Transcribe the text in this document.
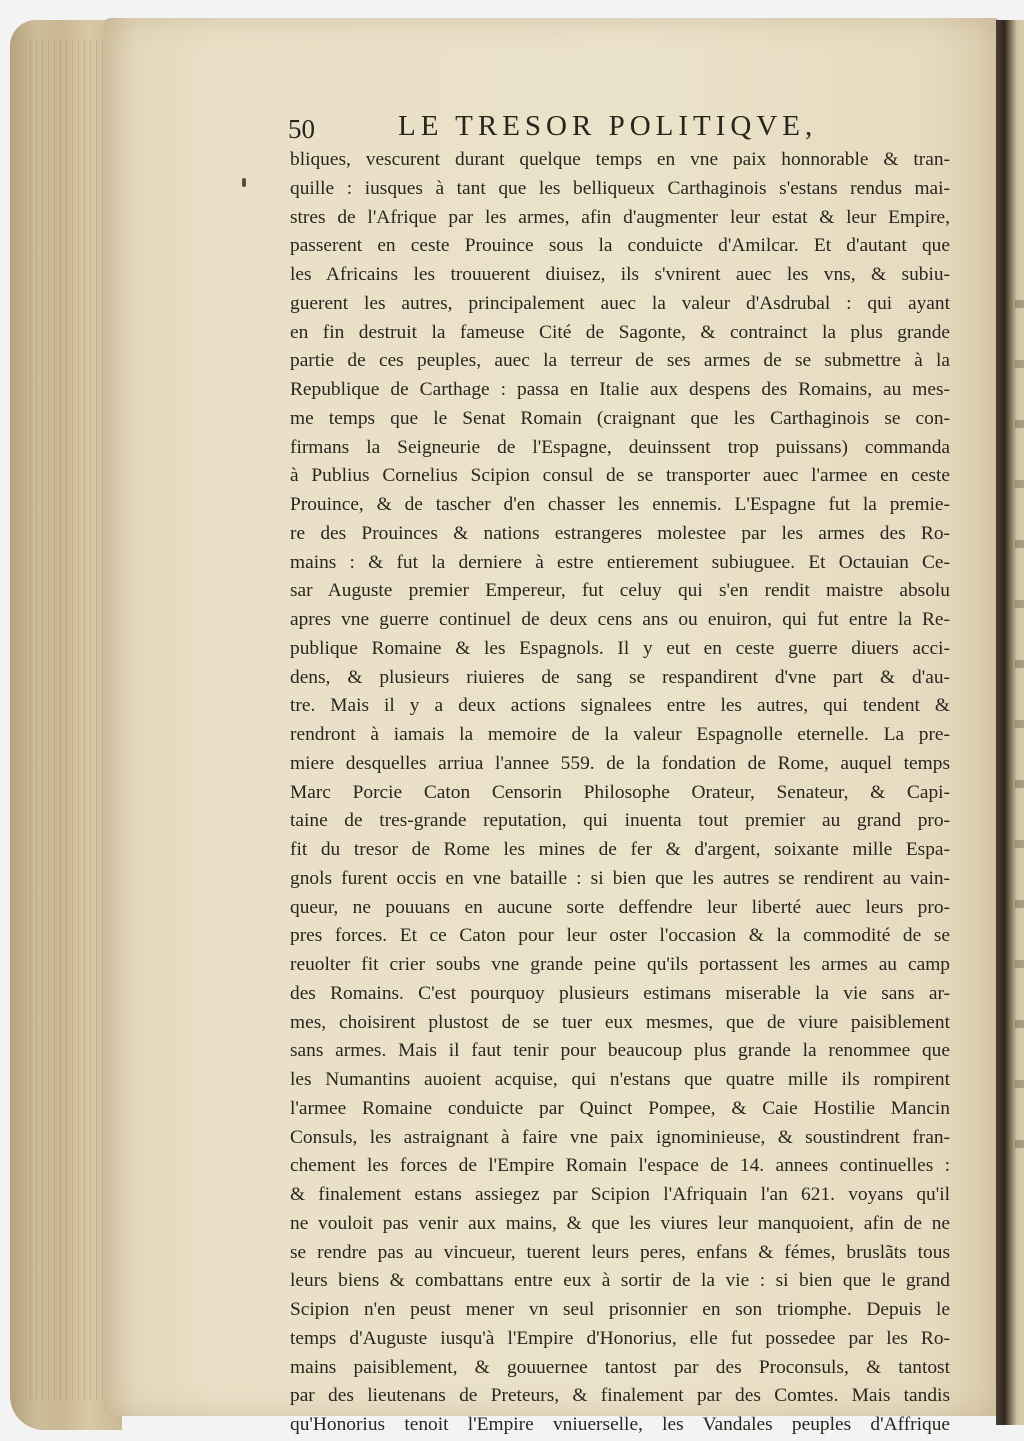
50	LE TRESOR POLITIQVE,
bliques, vescurent durant quelque temps en vne paix honnorable & tran-
quille : iusques à tant que les belliqueux Carthaginois s'estans rendus mai-
stres de l'Afrique par les armes, afin d'augmenter leur estat & leur Empire,
passerent en ceste Prouince sous la conduicte d'Amilcar. Et d'autant que
les Africains les trouuerent diuisez, ils s'vnirent auec les vns, & subiu-
guerent les autres, principalement auec la valeur d'Asdrubal : qui ayant
en fin destruit la fameuse Cité de Sagonte, & contrainct la plus grande
partie de ces peuples, auec la terreur de ses armes de se submettre à la
Republique de Carthage : passa en Italie aux despens des Romains, au mes-
me temps que le Senat Romain (craignant que les Carthaginois se con-
firmans la Seigneurie de l'Espagne, deuinssent trop puissans) commanda
à Publius Cornelius Scipion consul de se transporter auec l'armee en ceste
Prouince, & de tascher d'en chasser les ennemis. L'Espagne fut la premie-
re des Prouinces & nations estrangeres molestee par les armes des Ro-
mains : & fut la derniere à estre entierement subiuguee. Et Octauian Ce-
sar Auguste premier Empereur, fut celuy qui s'en rendit maistre absolu
apres vne guerre continuel de deux cens ans ou enuiron, qui fut entre la Re-
publique Romaine & les Espagnols. Il y eut en ceste guerre diuers acci-
dens, & plusieurs riuieres de sang se respandirent d'vne part & d'au-
tre. Mais il y a deux actions signalees entre les autres, qui tendent &
rendront à iamais la memoire de la valeur Espagnolle eternelle. La pre-
miere desquelles arriua l'annee 559. de la fondation de Rome, auquel temps
Marc Porcie Caton Censorin Philosophe Orateur, Senateur, & Capi-
taine de tres-grande reputation, qui inuenta tout premier au grand pro-
fit du tresor de Rome les mines de fer & d'argent, soixante mille Espa-
gnols furent occis en vne bataille : si bien que les autres se rendirent au vain-
queur, ne pouuans en aucune sorte deffendre leur liberté auec leurs pro-
pres forces. Et ce Caton pour leur oster l'occasion & la commodité de se
reuolter fit crier soubs vne grande peine qu'ils portassent les armes au camp
des Romains. C'est pourquoy plusieurs estimans miserable la vie sans ar-
mes, choisirent plustost de se tuer eux mesmes, que de viure paisiblement
sans armes. Mais il faut tenir pour beaucoup plus grande la renommee que
les Numantins auoient acquise, qui n'estans que quatre mille ils rompirent
l'armee Romaine conduicte par Quinct Pompee, & Caie Hostilie Mancin
Consuls, les astraignant à faire vne paix ignominieuse, & soustindrent fran-
chement les forces de l'Empire Romain l'espace de 14. annees continuelles :
& finalement estans assiegez par Scipion l'Afriquain l'an 621. voyans qu'il
ne vouloit pas venir aux mains, & que les viures leur manquoient, afin de ne
se rendre pas au vincueur, tuerent leurs peres, enfans & fémes, bruslãts tous
leurs biens & combattans entre eux à sortir de la vie : si bien que le grand
Scipion n'en peust mener vn seul prisonnier en son triomphe. Depuis le
temps d'Auguste iusqu'à l'Empire d'Honorius, elle fut possedee par les Ro-
mains paisiblement, & gouuernee tantost par des Proconsuls, & tantost
par des lieutenans de Preteurs, & finalement par des Comtes. Mais tandis
qu'Honorius tenoit l'Empire vniuerselle, les Vandales peuples d'Affrique
